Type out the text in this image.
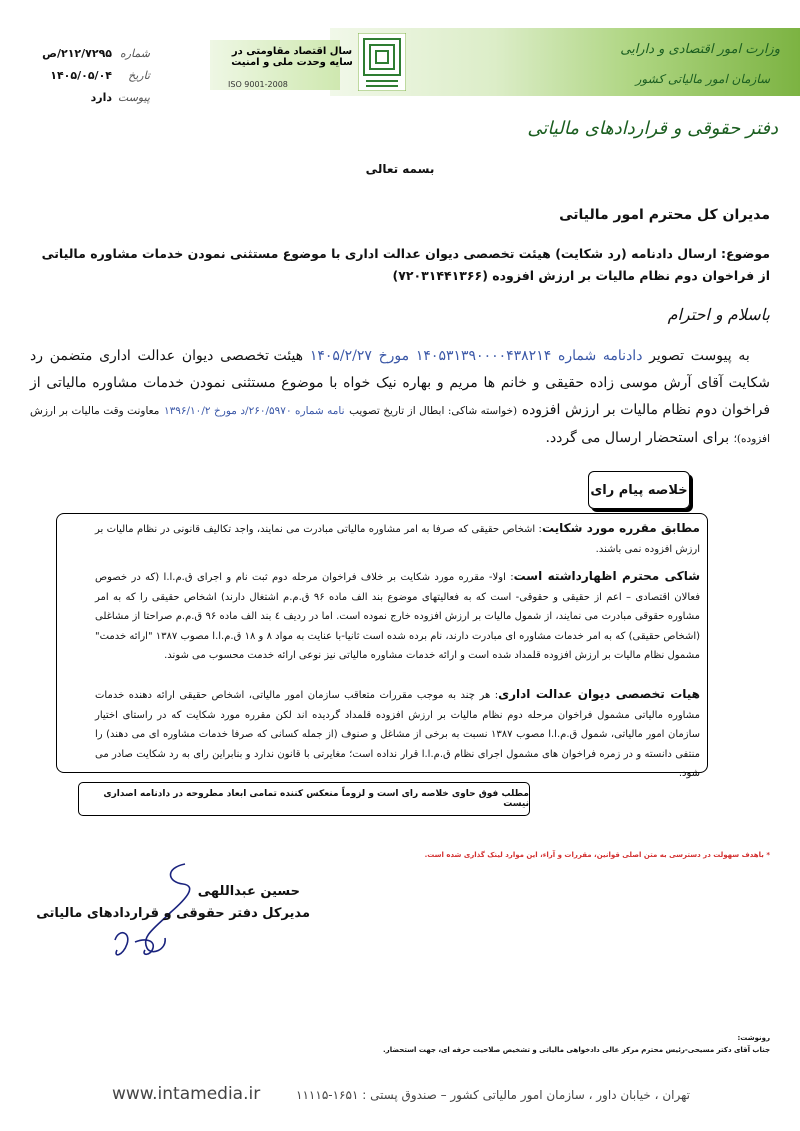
وزارت امور اقتصادی و دارایی
سازمان امور مالیاتی کشور
سال اقتصاد مقاومتی در سایه وحدت ملی و امنیت
ISO 9001-2008
دفتر حقوقی و قراردادهای مالیاتی
شماره
۲۱۲/۷۲۹۵/ص
تاریخ
۱۴۰۵/۰۵/۰۴
پیوست
دارد
بسمه تعالی
مدیران کل محترم امور مالیاتی
موضوع: ارسال دادنامه (رد شکایت) هیئت تخصصی دیوان عدالت اداری با موضوع مستثنی نمودن خدمات مشاوره مالیاتی از فراخوان دوم نظام مالیات بر ارزش افزوده (۷۲۰۳۱۴۴۱۳۶۶)
باسلام و احترام
به پیوست تصویر دادنامه شماره ۱۴۰۵۳۱۳۹۰۰۰۰۴۳۸۲۱۴ مورخ ۱۴۰۵/۲/۲۷ هیئت تخصصی دیوان عدالت اداری متضمن رد شکایت آقای آرش موسی زاده حقیقی و خانم ها مریم و بهاره نیک خواه با موضوع مستثنی نمودن خدمات مشاوره مالیاتی از فراخوان دوم نظام مالیات بر ارزش افزوده (خواسته شاکی: ابطال از تاریخ تصویب نامه شماره ۲۶۰/۵۹۷۰/د مورخ ۱۳۹۶/۱۰/۲ معاونت وقت مالیات بر ارزش افزوده)؛ برای استحضار ارسال می گردد.
خلاصه پیام رای
مطابق مقرره مورد شکایت: اشخاص حقیقی که صرفا به امر مشاوره مالیاتی مبادرت می نمایند، واجد تکالیف قانونی در نظام مالیات بر ارزش افزوده نمی باشند.
شاکی محترم اظهارداشته است: اولا- مقرره مورد شکایت بر خلاف فراخوان مرحله دوم ثبت نام و اجرای ق.م.ا.ا (که در خصوص فعالان اقتصادی – اعم از حقیقی و حقوقی- است که به فعالیتهای موضوع بند الف ماده ۹۶ ق.م.م اشتغال دارند) اشخاص حقیقی را که به امر مشاوره حقوقی مبادرت می نمایند، از شمول مالیات بر ارزش افزوده خارج نموده است. اما در ردیف ٤ بند الف ماده ۹۶ ق.م.م صراحتا از مشاغلی (اشخاص حقیقی) که به امر خدمات مشاوره ای مبادرت دارند، نام برده شده است ثانیا-با عنایت به مواد ۸ و ۱۸ ق.م.ا.ا مصوب ۱۳۸۷ "ارائه خدمت" مشمول نظام مالیات بر ارزش افزوده قلمداد شده است و ارائه خدمات مشاوره مالیاتی نیز نوعی ارائه خدمت محسوب می شوند.
هیات تخصصی دیوان عدالت اداری: هر چند به موجب مقررات متعاقب سازمان امور مالیاتی، اشخاص حقیقی ارائه دهنده خدمات مشاوره مالیاتی مشمول فراخوان مرحله دوم نظام مالیات بر ارزش افزوده قلمداد گردیده اند لکن مقرره مورد شکایت که در راستای اختیار سازمان امور مالیاتی، شمول ق.م.ا.ا مصوب ۱۳۸۷ نسبت به برخی از مشاغل و صنوف (از جمله کسانی که صرفا خدمات مشاوره ای می دهند) را منتفی دانسته و در زمره فراخوان های مشمول اجرای نظام ق.م.ا.ا قرار نداده است؛ مغایرتی با قانون ندارد و بنابراین رای به رد شکایت صادر می شود.
مطلب فوق حاوی خلاصه رای است و لزوماً منعکس کننده تمامی ابعاد مطروحه در دادنامه اصداری نیست
* باهدف سهولت در دسترسی به متن اصلی قوانین، مقررات و آراء، این موارد لینک گذاری شده است.
حسین عبداللهی
مدیرکل دفتر حقوقی و قراردادهای مالیاتی
رونوشت:
جناب آقای دکتر مسیحی-رئیس محترم مرکز عالی دادخواهی مالیاتی و تشخیص صلاحیت حرفه ای، جهت استحضار.
تهران ، خیابان داور ، سازمان امور مالیاتی کشور – صندوق پستی : ۱۶۵۱-۱۱۱۱۵
www.intamedia.ir
